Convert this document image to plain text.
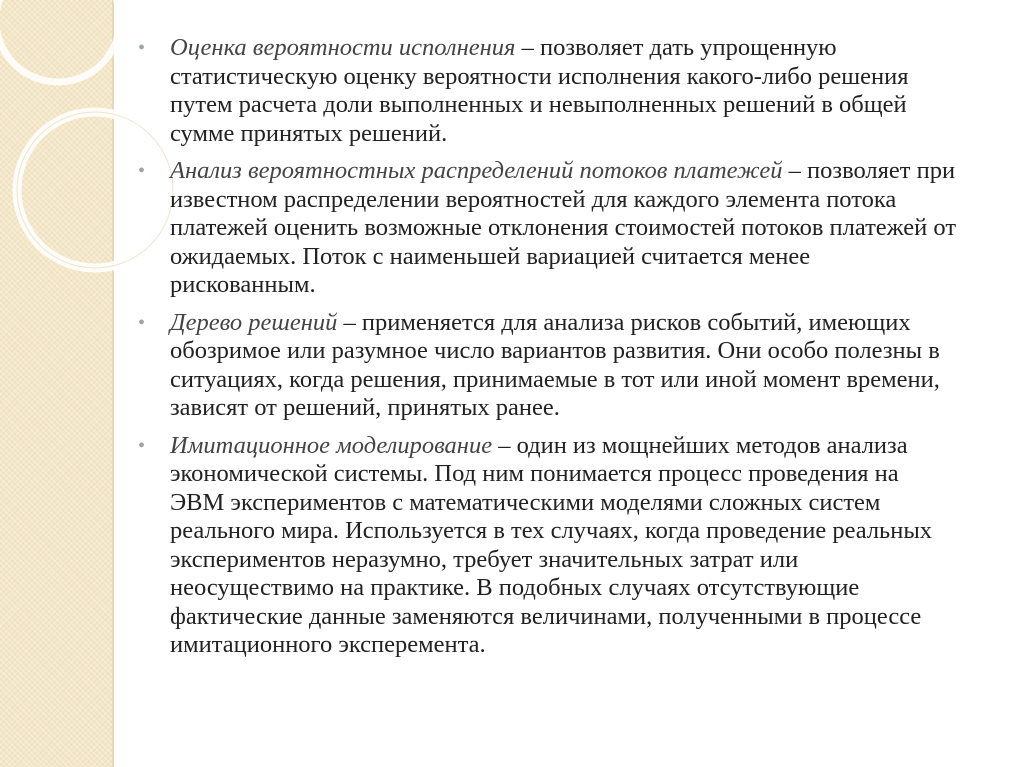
• Оценка вероятности исполнения – позволяет дать упрощенную статистическую оценку вероятности исполнения какого-либо решения путем расчета доли выполненных и невыполненных решений в общей сумме принятых решений.
• Анализ вероятностных распределений потоков платежей – позволяет при известном распределении вероятностей для каждого элемента потока платежей оценить возможные отклонения стоимостей потоков платежей от ожидаемых. Поток с наименьшей вариацией считается менее рискованным.
• Дерево решений – применяется для анализа рисков событий, имеющих обозримое или разумное число вариантов развития. Они особо полезны в ситуациях, когда решения, принимаемые в тот или иной момент времени, зависят от решений, принятых ранее.
• Имитационное моделирование – один из мощнейших методов анализа экономической системы. Под ним понимается процесс проведения на ЭВМ экспериментов с математическими моделями сложных систем реального мира. Используется в тех случаях, когда проведение реальных экспериментов неразумно, требует значительных затрат или неосуществимо на практике. В подобных случаях отсутствующие фактические данные заменяются величинами, полученными в процессе имитационного эксперемента.
